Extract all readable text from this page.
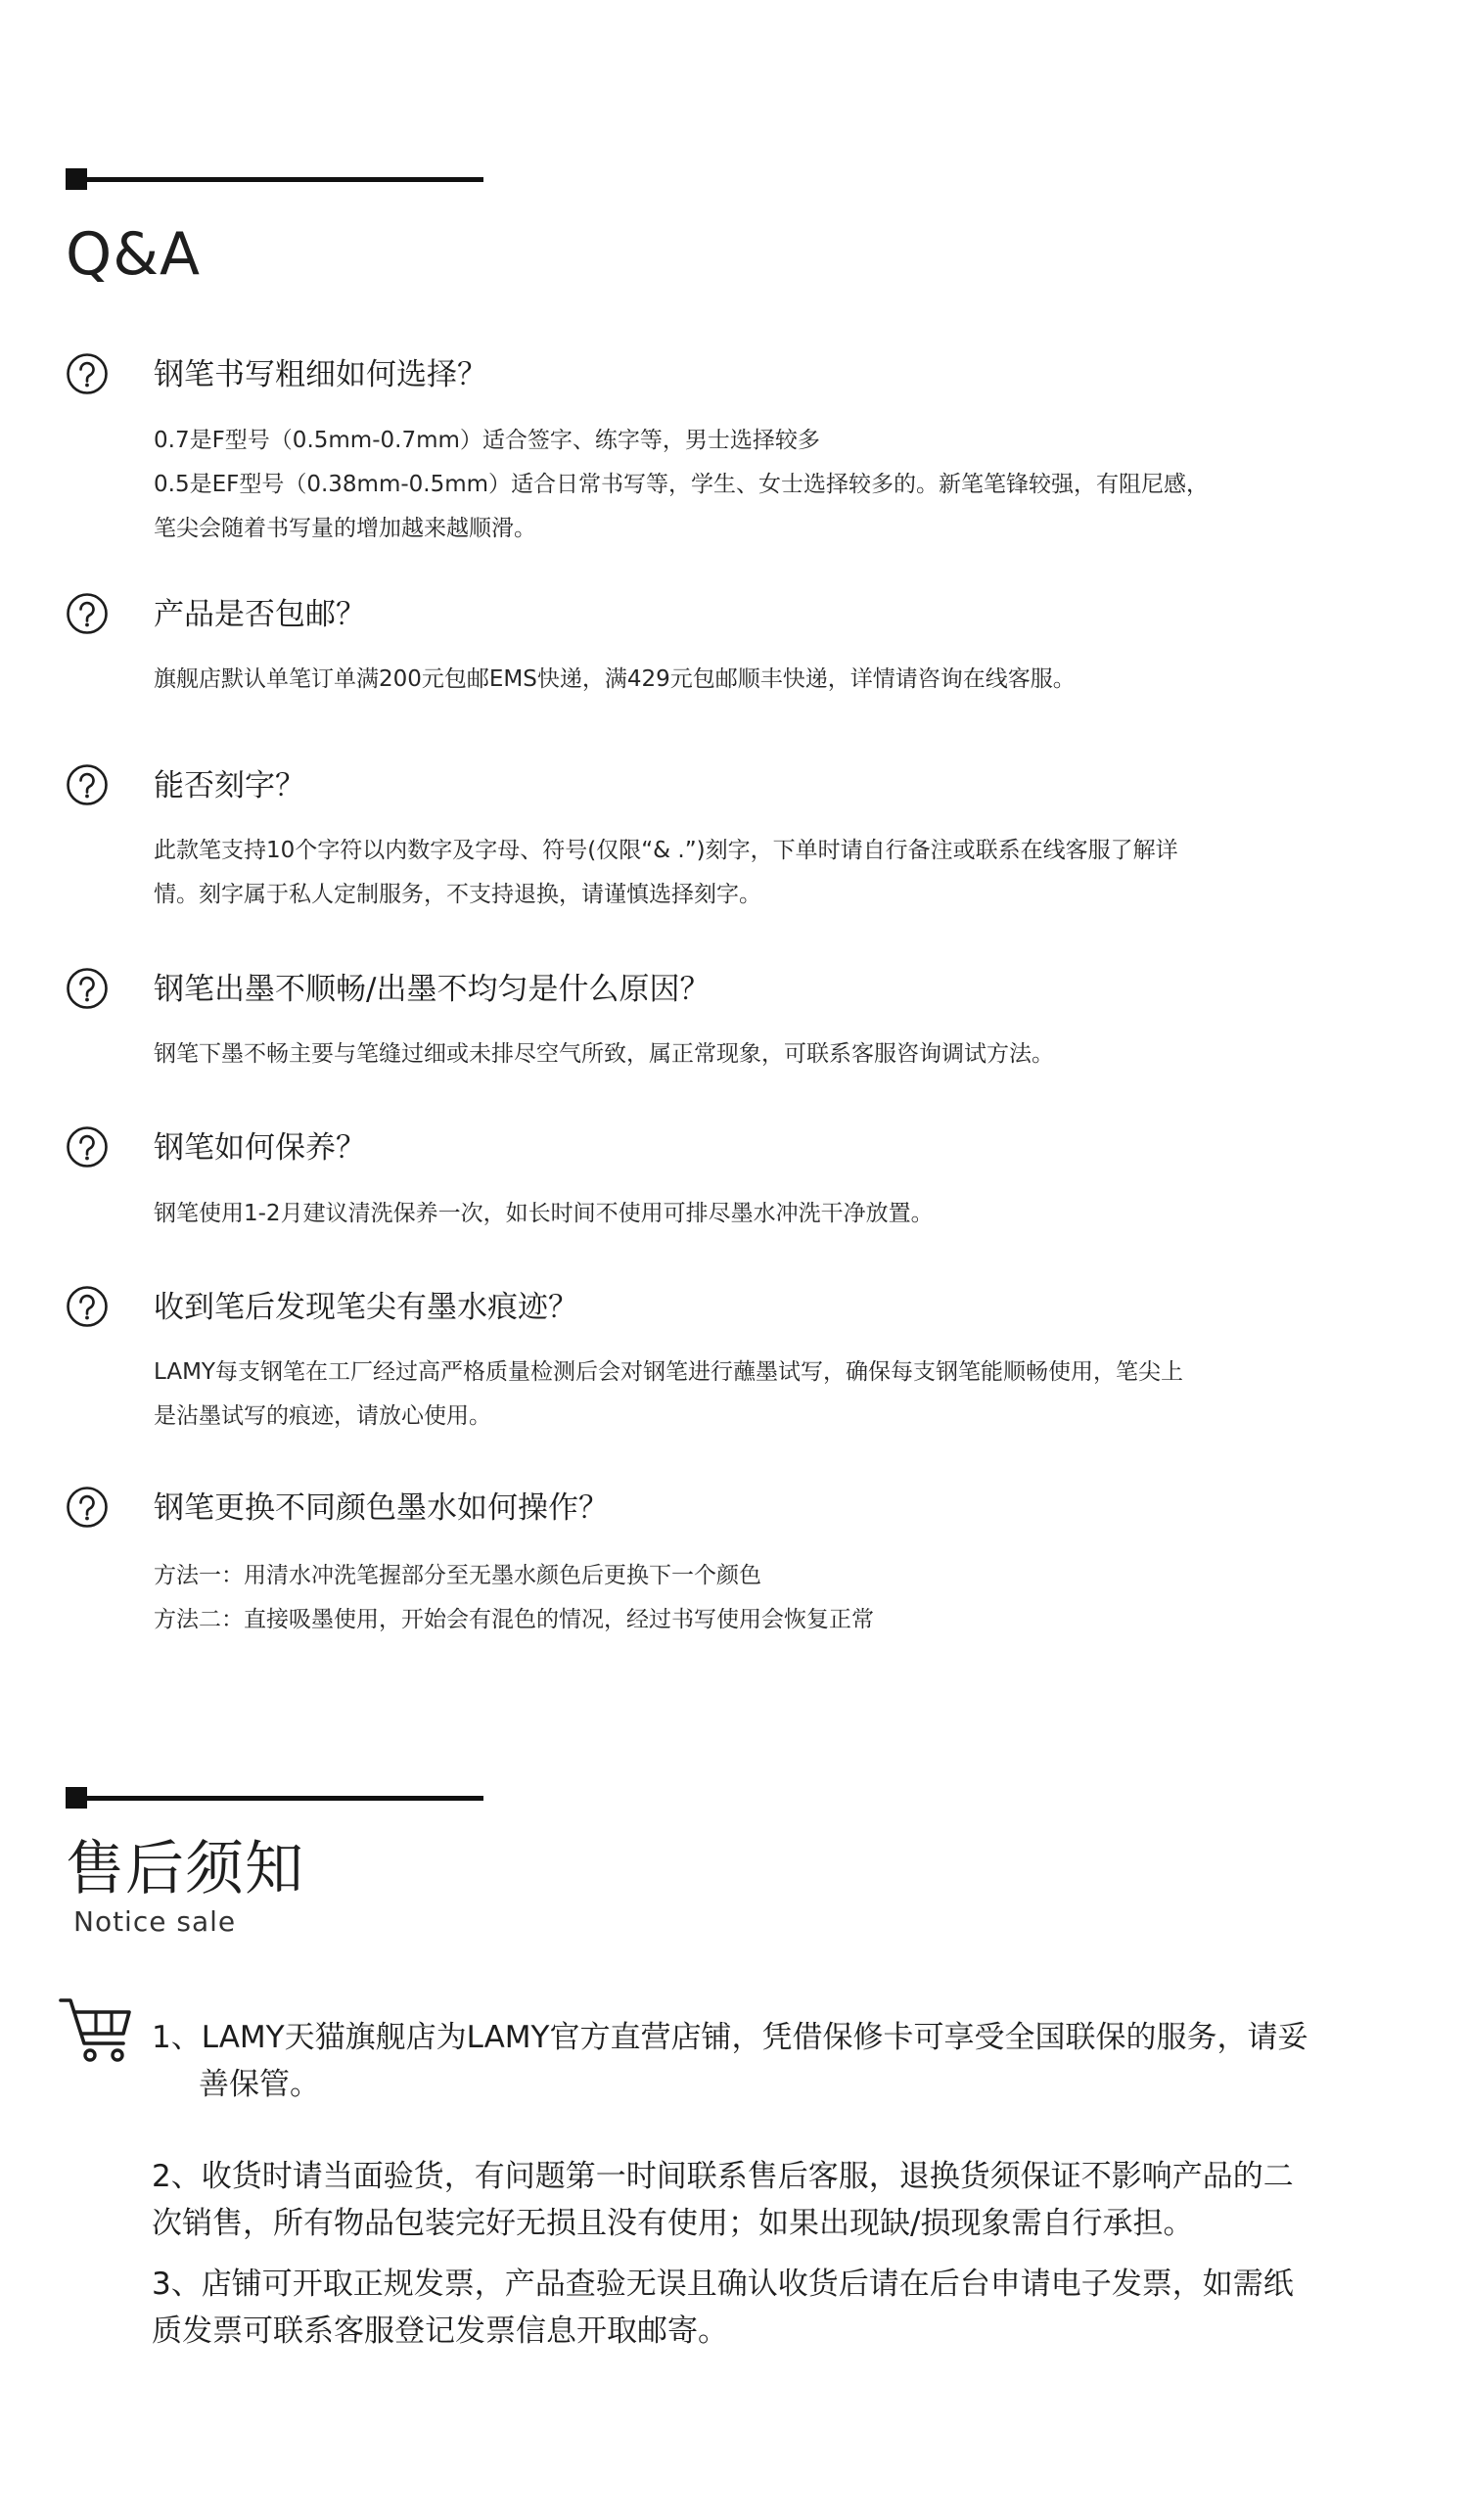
Q&A
钢笔书写粗细如何选择？
0.7是F型号（0.5mm-0.7mm）适合签字、练字等，男士选择较多
0.5是EF型号（0.38mm-0.5mm）适合日常书写等，学生、女士选择较多的。新笔笔锋较强，有阻尼感，
笔尖会随着书写量的增加越来越顺滑。
产品是否包邮？
旗舰店默认单笔订单满200元包邮EMS快递，满429元包邮顺丰快递，详情请咨询在线客服。
能否刻字？
此款笔支持10个字符以内数字及字母、符号(仅限“& .”)刻字，下单时请自行备注或联系在线客服了解详
情。刻字属于私人定制服务，不支持退换，请谨慎选择刻字。
钢笔出墨不顺畅/出墨不均匀是什么原因？
钢笔下墨不畅主要与笔缝过细或未排尽空气所致，属正常现象，可联系客服咨询调试方法。
钢笔如何保养？
钢笔使用1-2月建议清洗保养一次，如长时间不使用可排尽墨水冲洗干净放置。
收到笔后发现笔尖有墨水痕迹？
LAMY每支钢笔在工厂经过高严格质量检测后会对钢笔进行蘸墨试写，确保每支钢笔能顺畅使用，笔尖上
是沾墨试写的痕迹，请放心使用。
钢笔更换不同颜色墨水如何操作？
方法一：用清水冲洗笔握部分至无墨水颜色后更换下一个颜色
方法二：直接吸墨使用，开始会有混色的情况，经过书写使用会恢复正常
售后须知
Notice sale
1、LAMY天猫旗舰店为LAMY官方直营店铺，凭借保修卡可享受全国联保的服务，请妥
善保管。
2、收货时请当面验货，有问题第一时间联系售后客服，退换货须保证不影响产品的二
次销售，所有物品包装完好无损且没有使用；如果出现缺/损现象需自行承担。
3、店铺可开取正规发票，产品查验无误且确认收货后请在后台申请电子发票，如需纸
质发票可联系客服登记发票信息开取邮寄。
